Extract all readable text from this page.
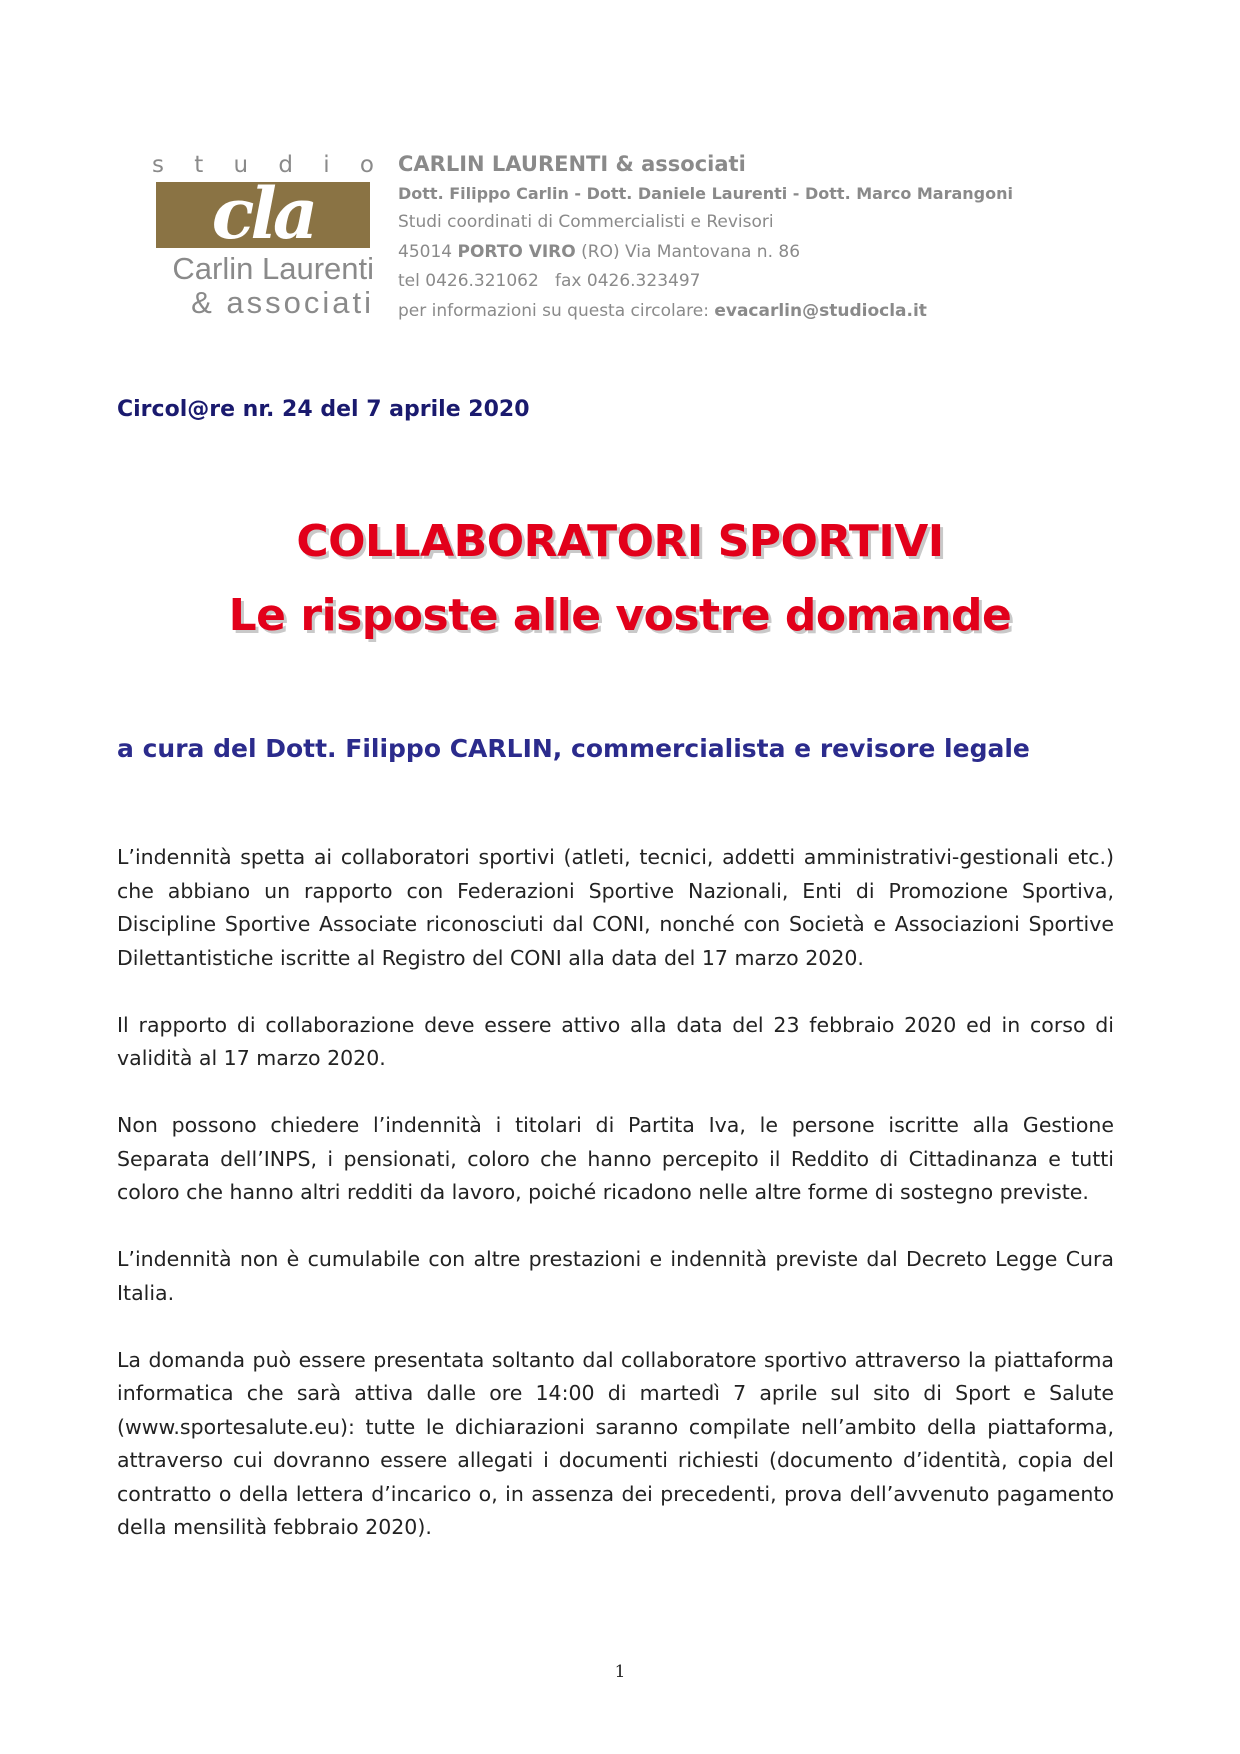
s t u d i o
cla
Carlin Laurenti
& associati
CARLIN LAURENTI & associati
Dott. Filippo Carlin - Dott. Daniele Laurenti - Dott. Marco Marangoni
Studi coordinati di Commercialisti e Revisori
45014 PORTO VIRO (RO) Via Mantovana n. 86
tel 0426.321062   fax 0426.323497
per informazioni su questa circolare: evacarlin@studiocla.it
Circol@re nr. 24 del 7 aprile 2020
COLLABORATORI SPORTIVI
Le risposte alle vostre domande
a cura del Dott. Filippo CARLIN, commercialista e revisore legale

L’indennità spetta ai collaboratori sportivi (atleti, tecnici, addetti amministrativi-gestionali etc.) che abbiano un rapporto con Federazioni Sportive Nazionali, Enti di Promozione Sportiva, Discipline Sportive Associate riconosciuti dal CONI, nonché con Società e Associazioni Sportive Dilettantistiche iscritte al Registro del CONI alla data del 17 marzo 2020.

Il rapporto di collaborazione deve essere attivo alla data del 23 febbraio 2020 ed in corso di validità al 17 marzo 2020.

Non possono chiedere l’indennità i titolari di Partita Iva, le persone iscritte alla Gestione Separata dell’INPS, i pensionati, coloro che hanno percepito il Reddito di Cittadinanza e tutti coloro che hanno altri redditi da lavoro, poiché ricadono nelle altre forme di sostegno previste.

L’indennità non è cumulabile con altre prestazioni e indennità previste dal Decreto Legge Cura Italia.

La domanda può essere presentata soltanto dal collaboratore sportivo attraverso la piattaforma informatica che sarà attiva dalle ore 14:00 di martedì 7 aprile sul sito di Sport e Salute (www.sportesalute.eu): tutte le dichiarazioni saranno compilate nell’ambito della piattaforma, attraverso cui dovranno essere allegati i documenti richiesti (documento d’identità, copia del contratto o della lettera d’incarico o, in assenza dei precedenti, prova dell’avvenuto pagamento della mensilità febbraio 2020).

1
